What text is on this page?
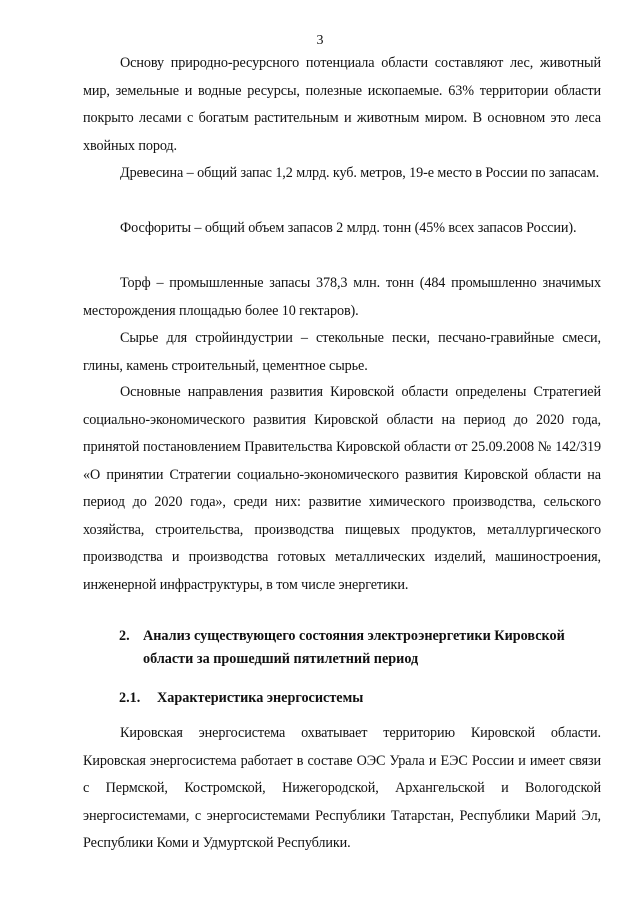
3

Основу природно-ресурсного потенциала области составляют лес, животный мир, земельные и водные ресурсы, полезные ископаемые. 63% территории области покрыто лесами с богатым растительным и животным миром. В основном это леса хвойных пород.

Древесина – общий запас 1,2 млрд. куб. метров, 19-е место в России по запасам.

Фосфориты – общий объем запасов 2 млрд. тонн (45% всех запасов России).

Торф – промышленные запасы 378,3 млн. тонн (484 промышленно значимых месторождения площадью более 10 гектаров).

Сырье для стройиндустрии – стекольные пески, песчано-гравийные смеси, глины, камень строительный, цементное сырье.

Основные направления развития Кировской области определены Стратегией социально-экономического развития Кировской области на период до 2020 года, принятой постановлением Правительства Кировской области от 25.09.2008 № 142/319 «О принятии Стратегии социально-экономического развития Кировской области на период до 2020 года», среди них: развитие химического производства, сельского хозяйства, строительства, производства пищевых продуктов, металлургического производства и производства готовых металлических изделий, машиностроения, инженерной инфраструктуры, в том числе энергетики.

2. Анализ существующего состояния электроэнергетики Кировской области за прошедший пятилетний период
2.1. Характеристика энергосистемы

Кировская энергосистема охватывает территорию Кировской области. Кировская энергосистема работает в составе ОЭС Урала и ЕЭС России и имеет связи с Пермской, Костромской, Нижегородской, Архангельской и Вологодской энергосистемами, с энергосистемами Республики Татарстан, Республики Марий Эл, Республики Коми и Удмуртской Республики.
